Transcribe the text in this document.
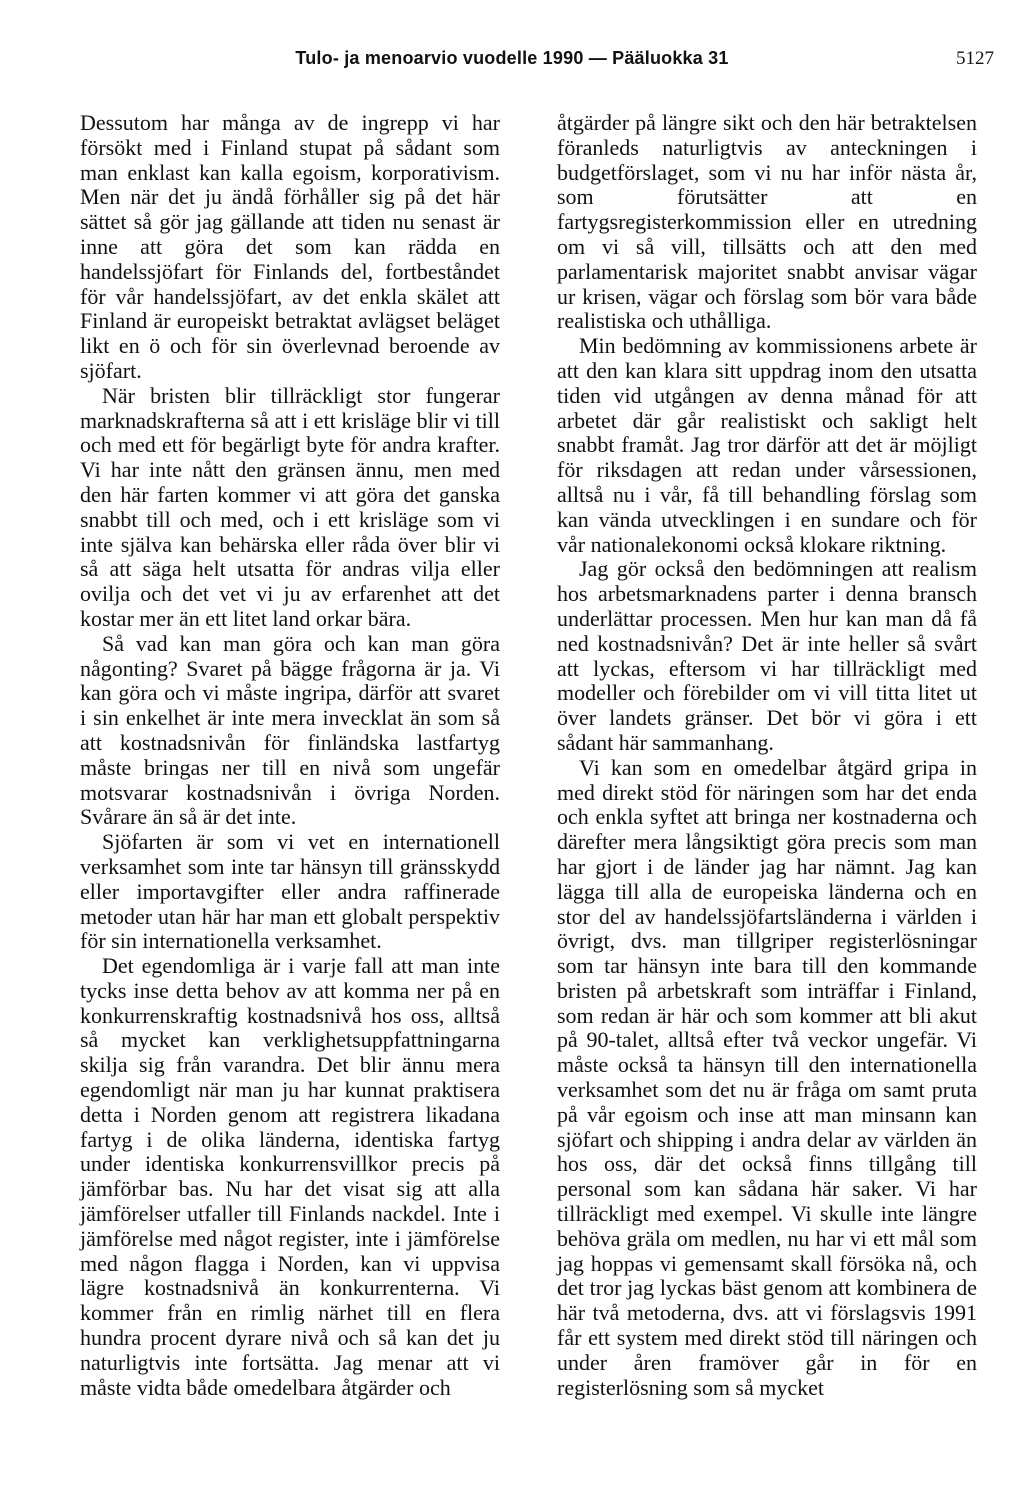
Tulo- ja menoarvio vuodelle 1990 — Pääluokka 31	5127

Dessutom har många av de ingrepp vi har försökt med i Finland stupat på sådant som man enklast kan kalla egoism, korporativism. Men när det ju ändå förhåller sig på det här sättet så gör jag gällande att tiden nu senast är inne att göra det som kan rädda en handelssjöfart för Finlands del, fortbeståndet för vår handelssjöfart, av det enkla skälet att Finland är europeiskt betraktat avlägset beläget likt en ö och för sin överlevnad beroende av sjöfart.

När bristen blir tillräckligt stor fungerar marknadskrafterna så att i ett krisläge blir vi till och med ett för begärligt byte för andra krafter. Vi har inte nått den gränsen ännu, men med den här farten kommer vi att göra det ganska snabbt till och med, och i ett krisläge som vi inte själva kan behärska eller råda över blir vi så att säga helt utsatta för andras vilja eller ovilja och det vet vi ju av erfarenhet att det kostar mer än ett litet land orkar bära.

Så vad kan man göra och kan man göra någonting? Svaret på bägge frågorna är ja. Vi kan göra och vi måste ingripa, därför att svaret i sin enkelhet är inte mera invecklat än som så att kostnadsnivån för finländska lastfartyg måste bringas ner till en nivå som ungefär motsvarar kostnadsnivån i övriga Norden. Svårare än så är det inte.

Sjöfarten är som vi vet en internationell verksamhet som inte tar hänsyn till gränsskydd eller importavgifter eller andra raffinerade metoder utan här har man ett globalt perspektiv för sin internationella verksamhet.

Det egendomliga är i varje fall att man inte tycks inse detta behov av att komma ner på en konkurrenskraftig kostnadsnivå hos oss, alltså så mycket kan verklighetsuppfattningarna skilja sig från varandra. Det blir ännu mera egendomligt när man ju har kunnat praktisera detta i Norden genom att registrera likadana fartyg i de olika länderna, identiska fartyg under identiska konkurrensvillkor precis på jämförbar bas. Nu har det visat sig att alla jämförelser utfaller till Finlands nackdel. Inte i jämförelse med något register, inte i jämförelse med någon flagga i Norden, kan vi uppvisa lägre kostnadsnivå än konkurrenterna. Vi kommer från en rimlig närhet till en flera hundra procent dyrare nivå och så kan det ju naturligtvis inte fortsätta. Jag menar att vi måste vidta både omedelbara åtgärder och

åtgärder på längre sikt och den här betraktelsen föranleds naturligtvis av anteckningen i budgetförslaget, som vi nu har inför nästa år, som förutsätter att en fartygsregisterkommission eller en utredning om vi så vill, tillsätts och att den med parlamentarisk majoritet snabbt anvisar vägar ur krisen, vägar och förslag som bör vara både realistiska och uthålliga.

Min bedömning av kommissionens arbete är att den kan klara sitt uppdrag inom den utsatta tiden vid utgången av denna månad för att arbetet där går realistiskt och sakligt helt snabbt framåt. Jag tror därför att det är möjligt för riksdagen att redan under vårsessionen, alltså nu i vår, få till behandling förslag som kan vända utvecklingen i en sundare och för vår nationalekonomi också klokare riktning.

Jag gör också den bedömningen att realism hos arbetsmarknadens parter i denna bransch underlättar processen. Men hur kan man då få ned kostnadsnivån? Det är inte heller så svårt att lyckas, eftersom vi har tillräckligt med modeller och förebilder om vi vill titta litet ut över landets gränser. Det bör vi göra i ett sådant här sammanhang.

Vi kan som en omedelbar åtgärd gripa in med direkt stöd för näringen som har det enda och enkla syftet att bringa ner kostnaderna och därefter mera långsiktigt göra precis som man har gjort i de länder jag har nämnt. Jag kan lägga till alla de europeiska länderna och en stor del av handelssjöfartsländerna i världen i övrigt, dvs. man tillgriper registerlösningar som tar hänsyn inte bara till den kommande bristen på arbetskraft som inträffar i Finland, som redan är här och som kommer att bli akut på 90-talet, alltså efter två veckor ungefär. Vi måste också ta hänsyn till den internationella verksamhet som det nu är fråga om samt pruta på vår egoism och inse att man minsann kan sjöfart och shipping i andra delar av världen än hos oss, där det också finns tillgång till personal som kan sådana här saker. Vi har tillräckligt med exempel. Vi skulle inte längre behöva gräla om medlen, nu har vi ett mål som jag hoppas vi gemensamt skall försöka nå, och det tror jag lyckas bäst genom att kombinera de här två metoderna, dvs. att vi förslagsvis 1991 får ett system med direkt stöd till näringen och under åren framöver går in för en registerlösning som så mycket
